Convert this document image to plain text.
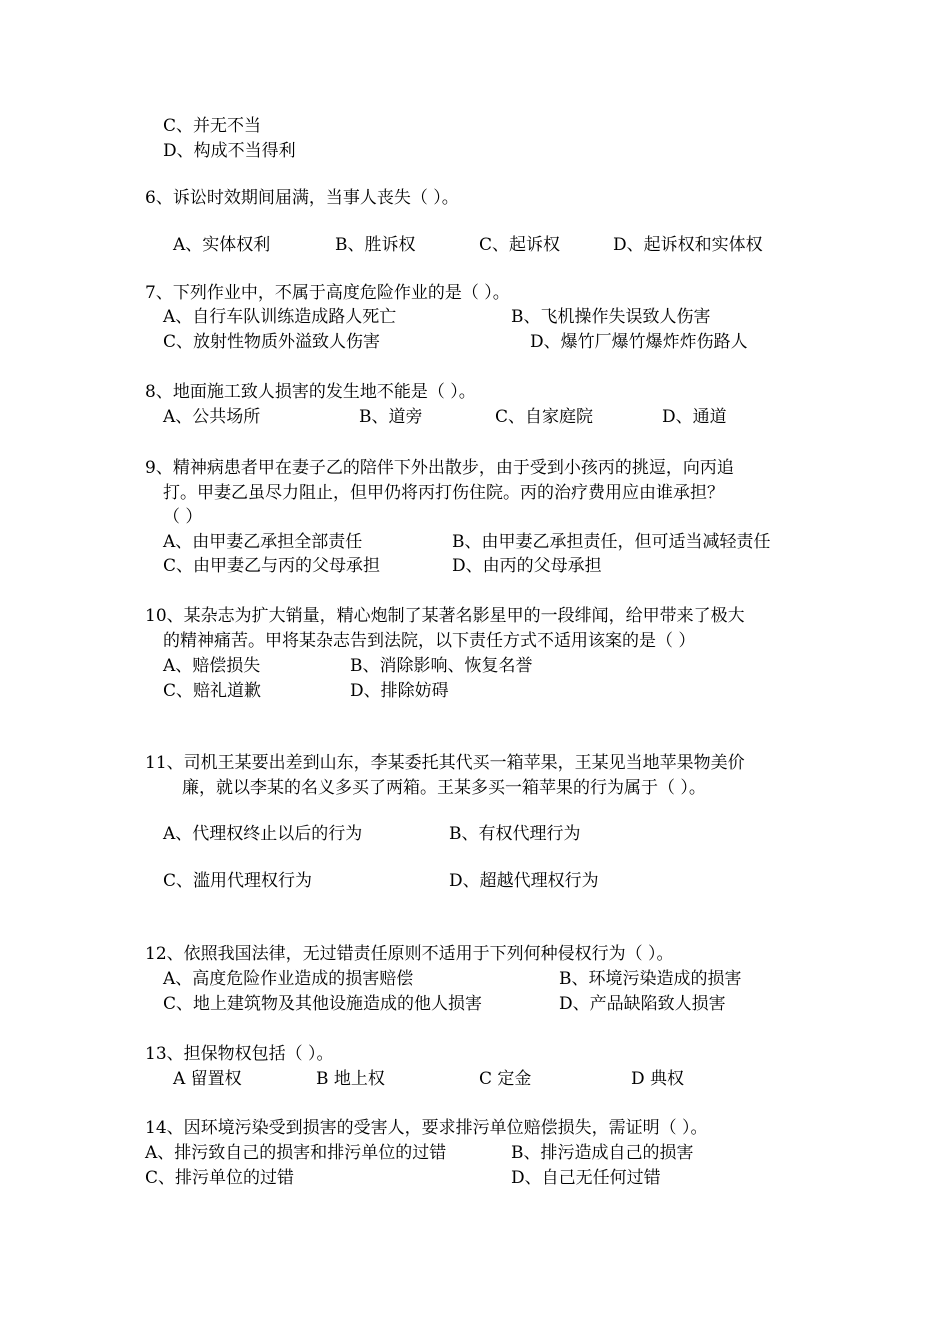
C、并无不当
D、构成不当得利
6、诉讼时效期间届满，当事人丧失（ ）。
A、实体权利	B、胜诉权	C、起诉权	D、起诉权和实体权
7、下列作业中，不属于高度危险作业的是（ ）。
A、自行车队训练造成路人死亡	B、飞机操作失误致人伤害
C、放射性物质外溢致人伤害	D、爆竹厂爆竹爆炸炸伤路人
8、地面施工致人损害的发生地不能是（ ）。
A、公共场所	B、道旁	C、自家庭院	D、通道
9、精神病患者甲在妻子乙的陪伴下外出散步，由于受到小孩丙的挑逗，向丙追
打。甲妻乙虽尽力阻止，但甲仍将丙打伤住院。丙的治疗费用应由谁承担？
（ ）
A、由甲妻乙承担全部责任	B、由甲妻乙承担责任，但可适当减轻责任
C、由甲妻乙与丙的父母承担	D、由丙的父母承担
10、某杂志为扩大销量，精心炮制了某著名影星甲的一段绯闻，给甲带来了极大
的精神痛苦。甲将某杂志告到法院，以下责任方式不适用该案的是（ ）
A、赔偿损失	B、消除影响、恢复名誉
C、赔礼道歉	D、排除妨碍
11、司机王某要出差到山东，李某委托其代买一箱苹果，王某见当地苹果物美价
廉，就以李某的名义多买了两箱。王某多买一箱苹果的行为属于（ ）。
A、代理权终止以后的行为	B、有权代理行为
C、滥用代理权行为	D、超越代理权行为
12、依照我国法律，无过错责任原则不适用于下列何种侵权行为（ ）。
A、高度危险作业造成的损害赔偿	B、环境污染造成的损害
C、地上建筑物及其他设施造成的他人损害	D、产品缺陷致人损害
13、担保物权包括（ ）。
A 留置权	B 地上权	C 定金	D 典权
14、因环境污染受到损害的受害人，要求排污单位赔偿损失，需证明（ ）。
A、排污致自己的损害和排污单位的过错	B、排污造成自己的损害
C、排污单位的过错	D、自己无任何过错
